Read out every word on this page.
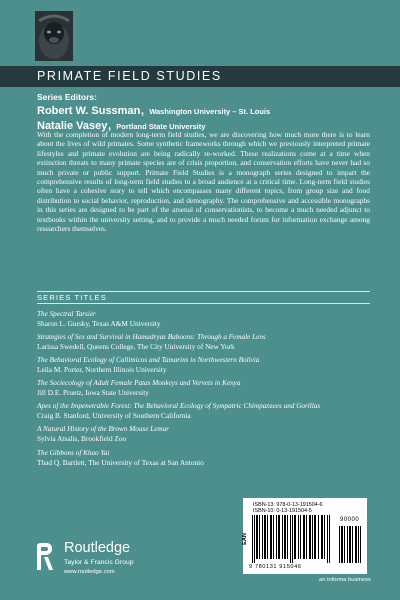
PRIMATE FIELD STUDIES
Series Editors:
Robert W. Sussman, Washington University – St. Louis
Natalie Vasey, Portland State University
With the completion of modern long-term field studies, we are discovering how much more there is to learn about the lives of wild primates. Some synthetic frameworks through which we previously interpreted primate lifestyles and primate evolution are being radically re-worked. These realizations come at a time when extinction threats to many primate species are of crisis proportion, and conservation efforts have never had so much private or public support. Primate Field Studies is a monograph series designed to impart the comprehensive results of long-term field studies to a broad audience at a critical time. Long-term field studies often have a cohesive story to tell which encompasses many different topics, from group size and food distribution to social behavior, reproduction, and demography. The comprehensive and accessible monographs in this series are designed to be part of the arsenal of conservationists, to become a much needed adjunct to textbooks within the university setting, and to provide a much needed forum for information exchange among researchers themselves.
SERIES TITLES
The Spectral Tarsier
Sharon L. Gursky, Texas A&M University
Strategies of Sex and Survival in Hamadryas Baboons: Through a Female Lens
Larissa Swedell, Queens College, The City University of New York
The Behavioral Ecology of Callimicos and Tamarins in Northwestern Bolivia
Leila M. Porter, Northern Illinois University
The Sociecology of Adult Female Patas Monkeys and Vervets in Kenya
Jill D.E. Pruetz, Iowa State University
Apes of the Impenetrable Forest: The Behavioral Ecology of Sympatric Chimpanzees and Gorillas
Craig B. Stanford, University of Southern California
A Natural History of the Brown Mouse Lemur
Sylvia Atsalis, Brookfield Zoo
The Gibbons of Khao Yai
Thad Q. Bartlett, The University of Texas at San Antonio
ISBN-13: 978-0-13-191504-6
ISBN-10: 0-13-191504-5
EAN
90000
9 780131 915046
Routledge
Taylor & Francis Group
www.routledge.com
an informa business
